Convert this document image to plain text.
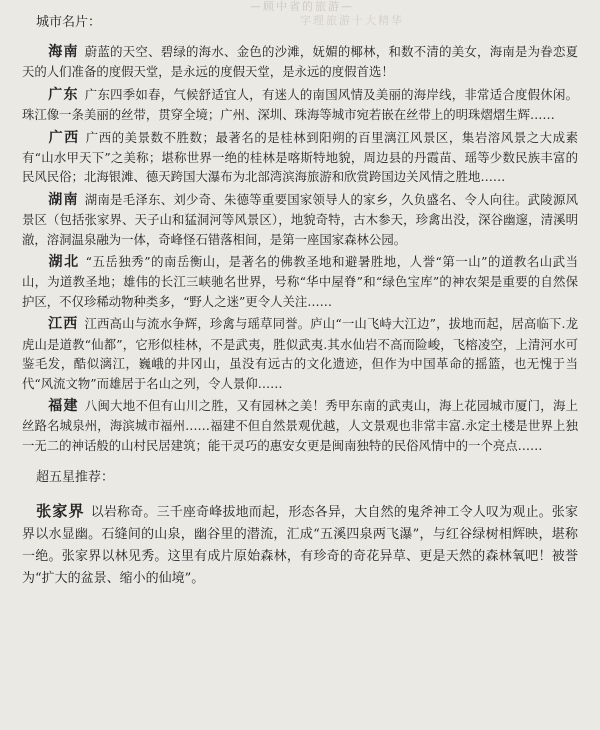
—顾中省的旅游—
字理旅游十大精华
城市名片：

海南 蔚蓝的天空、碧绿的海水、金色的沙滩，妩媚的椰林，和数不清的美女，海南是为眷恋夏天的人们准备的度假天堂，是永远的度假天堂，是永远的度假首选！

广东 广东四季如春，气候舒适宜人，有迷人的南国风情及美丽的海岸线，非常适合度假休闲。珠江像一条美丽的丝带，贯穿全境；广州、深圳、珠海等城市宛若嵌在丝带上的明珠熠熠生辉……

广西 广西的美景数不胜数；最著名的是桂林到阳朔的百里漓江风景区，集岩溶风景之大成素有“山水甲天下”之美称；堪称世界一绝的桂林是喀斯特地貌，周边县的丹霞苗、瑶等少数民族丰富的民风民俗；北海银滩、德天跨国大瀑布为北部湾滨海旅游和欣赏跨国边关风情之胜地……

湖南 湖南是毛泽东、刘少奇、朱德等重要国家领导人的家乡，久负盛名、令人向往。武陵源风景区（包括张家界、天子山和猛洞河等风景区），地貌奇特，古木参天，珍禽出没，深谷幽邃，清溪明澈，溶洞温泉融为一体，奇峰怪石错落相间，是第一座国家森林公园。

湖北 “五岳独秀”的南岳衡山，是著名的佛教圣地和避暑胜地，人誉“第一山”的道教名山武当山，为道教圣地；雄伟的长江三峡驰名世界，号称“华中屋脊”和“绿色宝库”的神农架是重要的自然保护区，不仅珍稀动物种类多，“野人之迷”更令人关注……

江西 江西高山与流水争辉，珍禽与瑶草同誉。庐山“一山飞峙大江边”，拔地而起，居高临下.龙虎山是道教“仙都”，它形似桂林，不是武夷，胜似武夷.其水仙岩不高而险峻，飞榕凌空，上清河水可鉴毛发，酷似漓江，巍峨的井冈山，虽没有远古的文化遗迹，但作为中国革命的摇篮，也无愧于当代“风流文物”而雄居于名山之列，令人景仰……

福建 八闽大地不但有山川之胜，又有园林之美！秀甲东南的武夷山，海上花园城市厦门，海上丝路名城泉州，海滨城市福州……福建不但自然景观优越，人文景观也非常丰富.永定土楼是世界上独一无二的神话般的山村民居建筑；能干灵巧的惠安女更是闽南独特的民俗风情中的一个亮点……

超五星推荐：

张家界 以岩称奇。三千座奇峰拔地而起，形态各异，大自然的鬼斧神工令人叹为观止。张家界以水显幽。石缝间的山泉，幽谷里的潜流，汇成“五溪四泉两飞瀑”，与红谷绿树相辉映，堪称一绝。张家界以林见秀。这里有成片原始森林，有珍奇的奇花异草、更是天然的森林氧吧！被誉为“扩大的盆景、缩小的仙境”。
